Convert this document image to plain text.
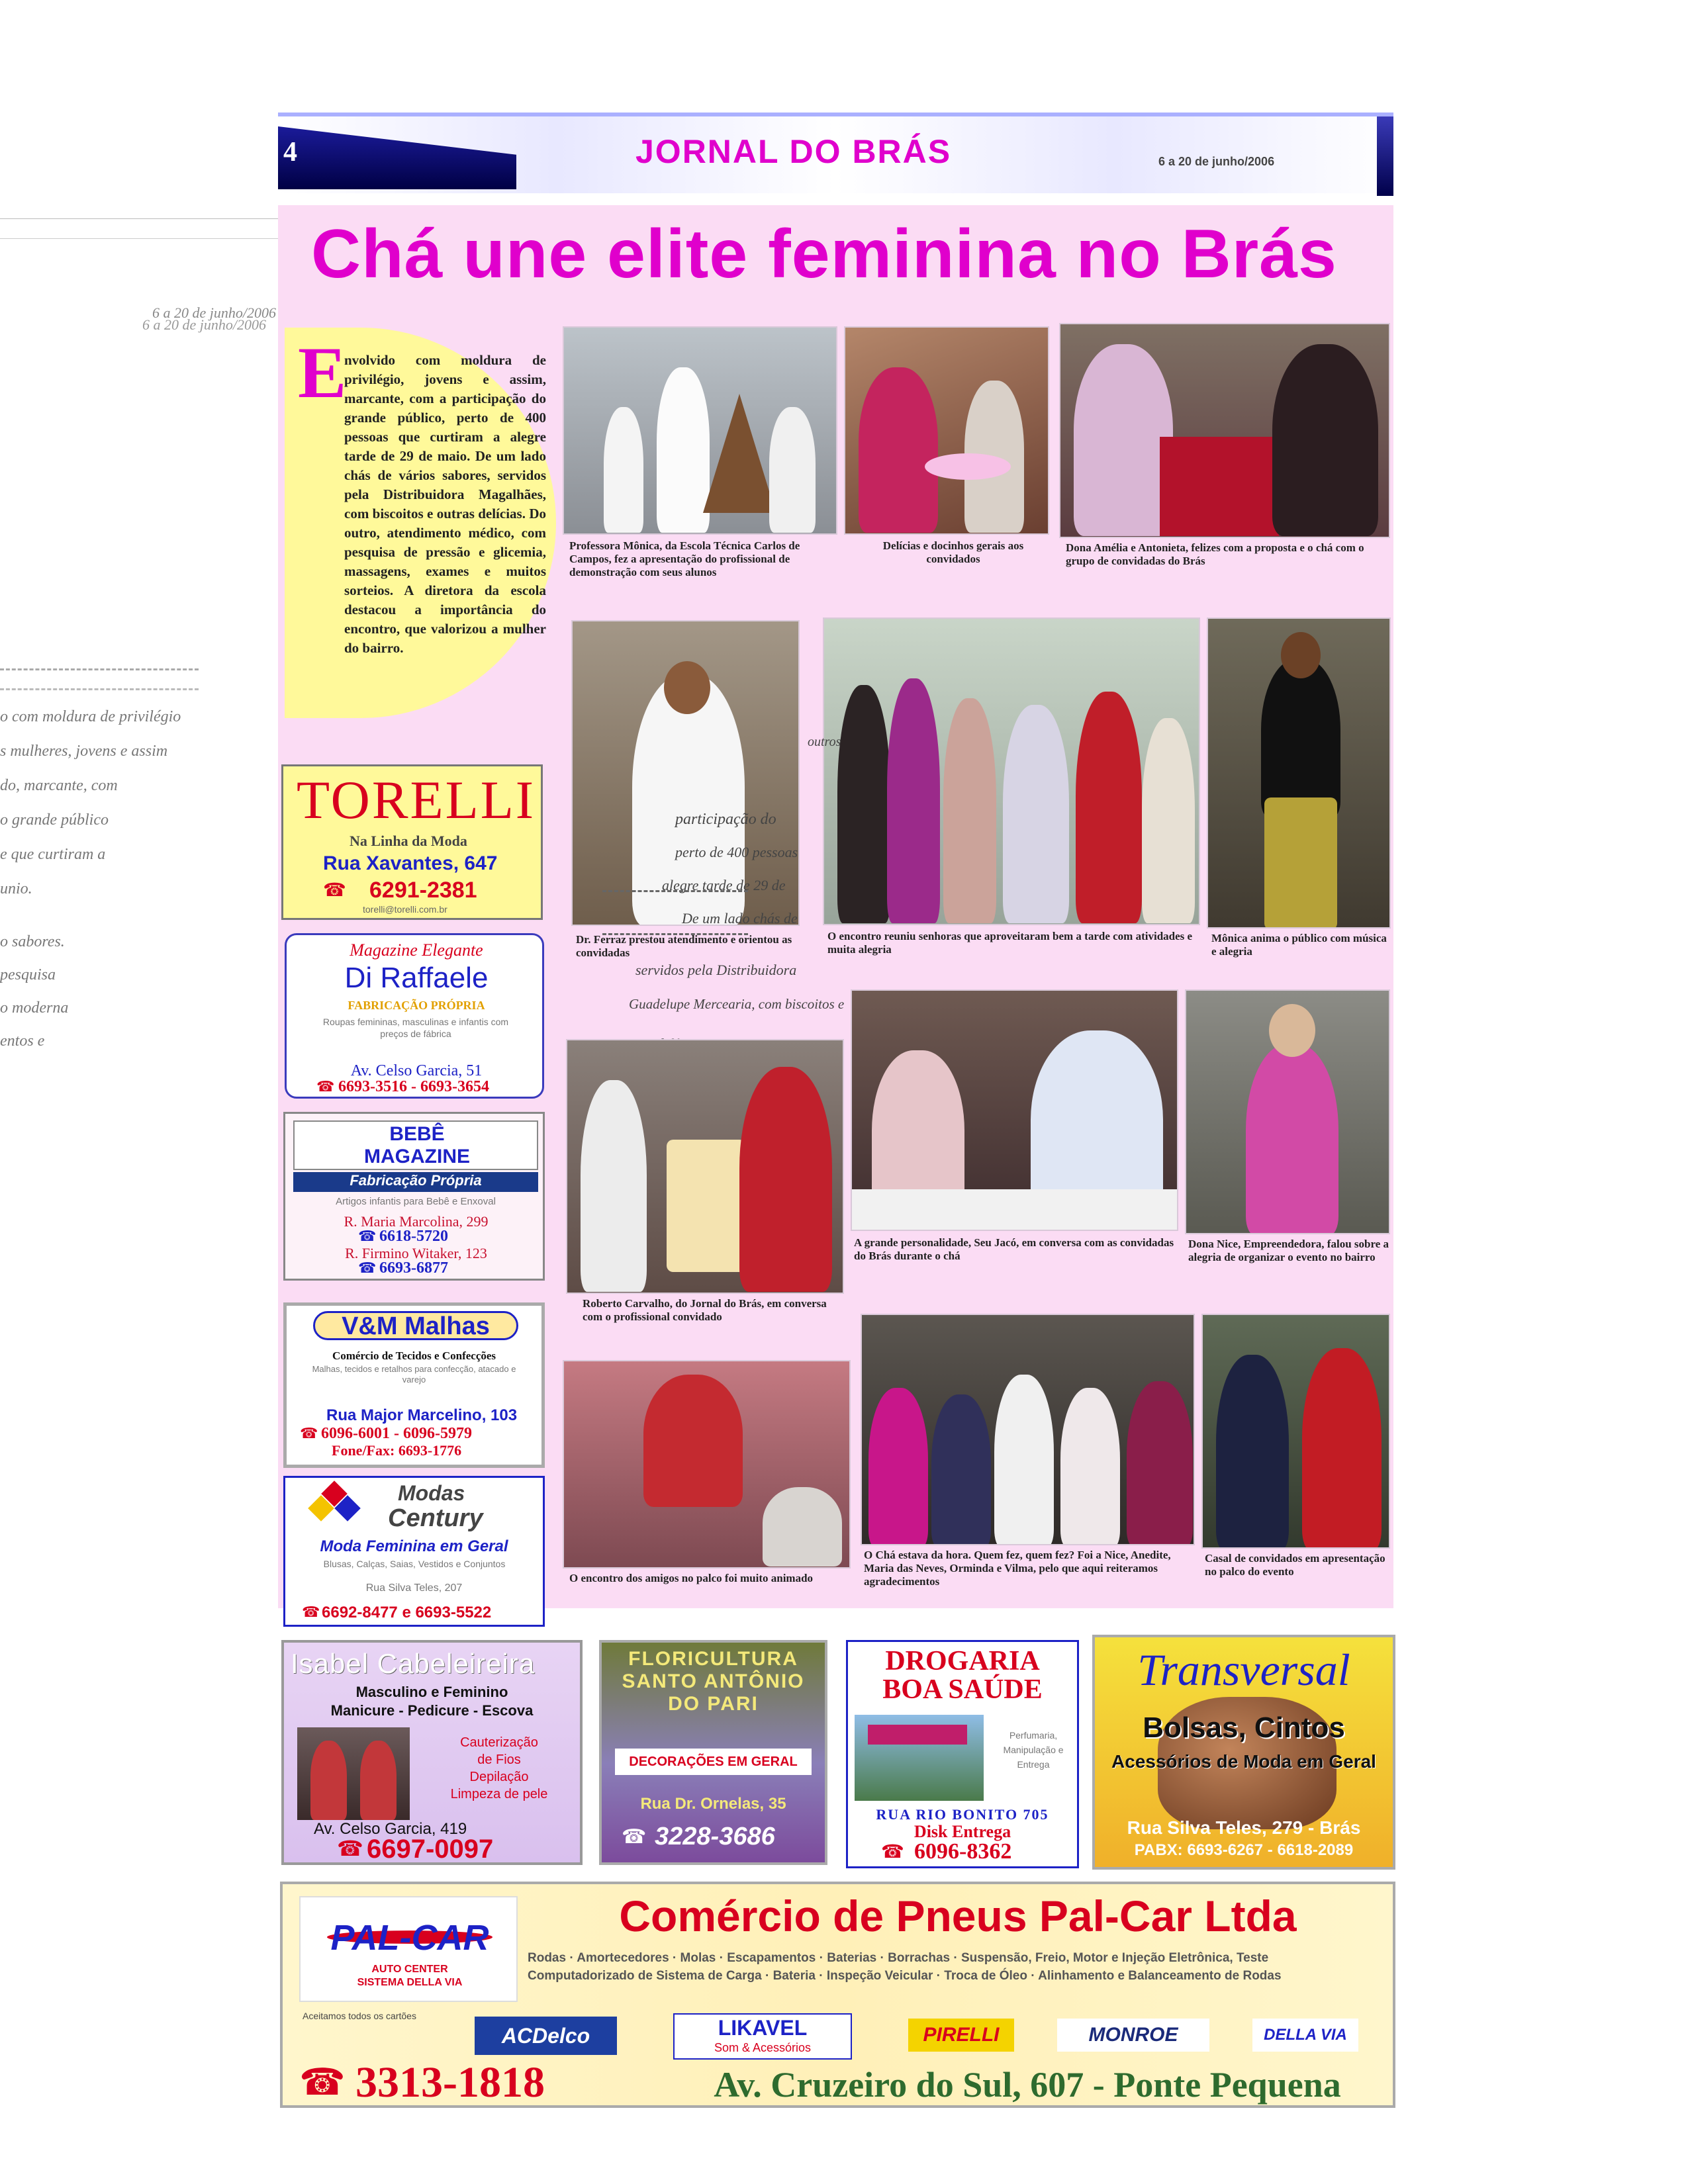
6 a 20 de junho/2006
6 a 20 de junho/2006
o com moldura de privilégio
s mulheres, jovens e assim
do, marcante, com
o grande público
e que curtiram a
unio.
o sabores.
pesquisa
o moderna
entos e
4	JORNAL DO BRÁS	6 a 20 de junho/2006
Chá une elite feminina no Brás
E
nvolvido com moldura de privilégio, jovens e assim, marcante, com a participação do grande público, perto de 400 pessoas que curtiram a alegre tarde de 29 de maio. De um lado chás de vários sabores, servidos pela Distribuidora Magalhães, com biscoitos e outras delícias. Do outro, atendimento médico, com pesquisa de pressão e glicemia, massagens, exames e muitos sorteios. A diretora da escola destacou a importância do encontro, que valorizou a mulher do bairro.
Professora Mônica, da Escola Técnica Carlos de Campos, fez a apresentação do profissional de demonstração com seus alunos
Delícias e docinhos gerais aos convidados
Dona Amélia e Antonieta, felizes com a proposta e o chá com o grupo de convidadas do Brás
O encontro reuniu senhoras que aproveitaram bem a tarde com atividades e muita alegria
Mônica anima o público com música e alegria
outros
participação do
perto de 400 pessoas
alegre tarde de 29 de
De um lado chás de
servidos pela Distribuidora
Guadelupe Mercearia, com biscoitos e
Dr. Ferraz prestou atendimento e orientou as convidadas
Roberto Carvalho, do Jornal do Brás, em conversa com o profissional convidado
A grande personalidade, Seu Jacó, em conversa com as convidadas do Brás durante o chá
Dona Nice, Empreendedora, falou sobre a alegria de organizar o evento no bairro
O encontro dos amigos no palco foi muito animado
O Chá estava da hora. Quem fez, quem fez? Foi a Nice, Anedite, Maria das Neves, Orminda e Vilma, pelo que aqui reiteramos agradecimentos
Casal de convidados em apresentação no palco do evento
TORELLI
Na Linha da Moda
Rua Xavantes, 647
☎ 6291-2381
torelli@torelli.com.br
Magazine Elegante
Di Raffaele
FABRICAÇÃO PRÓPRIA
Roupas femininas, masculinas e infantis com preços de fábrica
Av. Celso Garcia, 51
☎ 6693-3516 - 6693-3654
BEBÊ
MAGAZINE
Fabricação Própria
Artigos infantis para Bebê e Enxoval
R. Maria Marcolina, 299
☎ 6618-5720
R. Firmino Witaker, 123
☎ 6693-6877
V&M Malhas
Comércio de Tecidos e Confecções
Malhas, tecidos e retalhos para confecção, atacado e varejo
Rua Major Marcelino, 103
☎ 6096-6001 - 6096-5979
Fone/Fax: 6693-1776
Modas
Century
Moda Feminina em Geral
Blusas, Calças, Saias, Vestidos e Conjuntos
Rua Silva Teles, 207
☎ 6692-8477 e 6693-5522
Isabel Cabeleireira
Masculino e Feminino
Manicure - Pedicure - Escova
Cauterização
de Fios
Depilação
Limpeza de pele
Av. Celso Garcia, 419
☎ 6697-0097
FLORICULTURA
SANTO ANTÔNIO
DO PARI
DECORAÇÕES EM GERAL
Rua Dr. Ornelas, 35
☎ 3228-3686
DROGARIA
BOA SAÚDE
Perfumaria, Manipulação e Entrega
RUA RIO BONITO 705
Disk Entrega
☎ 6096-8362
Transversal
Bolsas, Cintos
Acessórios de Moda em Geral
Rua Silva Teles, 279 - Brás
PABX: 6693-6267 - 6618-2089
PAL-CAR
AUTO CENTER
SISTEMA DELLA VIA
Comércio de Pneus Pal-Car Ltda
Rodas · Amortecedores · Molas · Escapamentos · Baterias · Borrachas · Suspensão, Freio, Motor e Injeção Eletrônica, Teste Computadorizado de Sistema de Carga · Bateria · Inspeção Veicular · Troca de Óleo · Alinhamento e Balanceamento de Rodas
Aceitamos todos os cartões
ACDelco	LIKAVEL
Som & Acessórios
PIRELLI	MONROE	DELLA VIA
☎ 3313-1818	Av. Cruzeiro do Sul, 607 - Ponte Pequena
